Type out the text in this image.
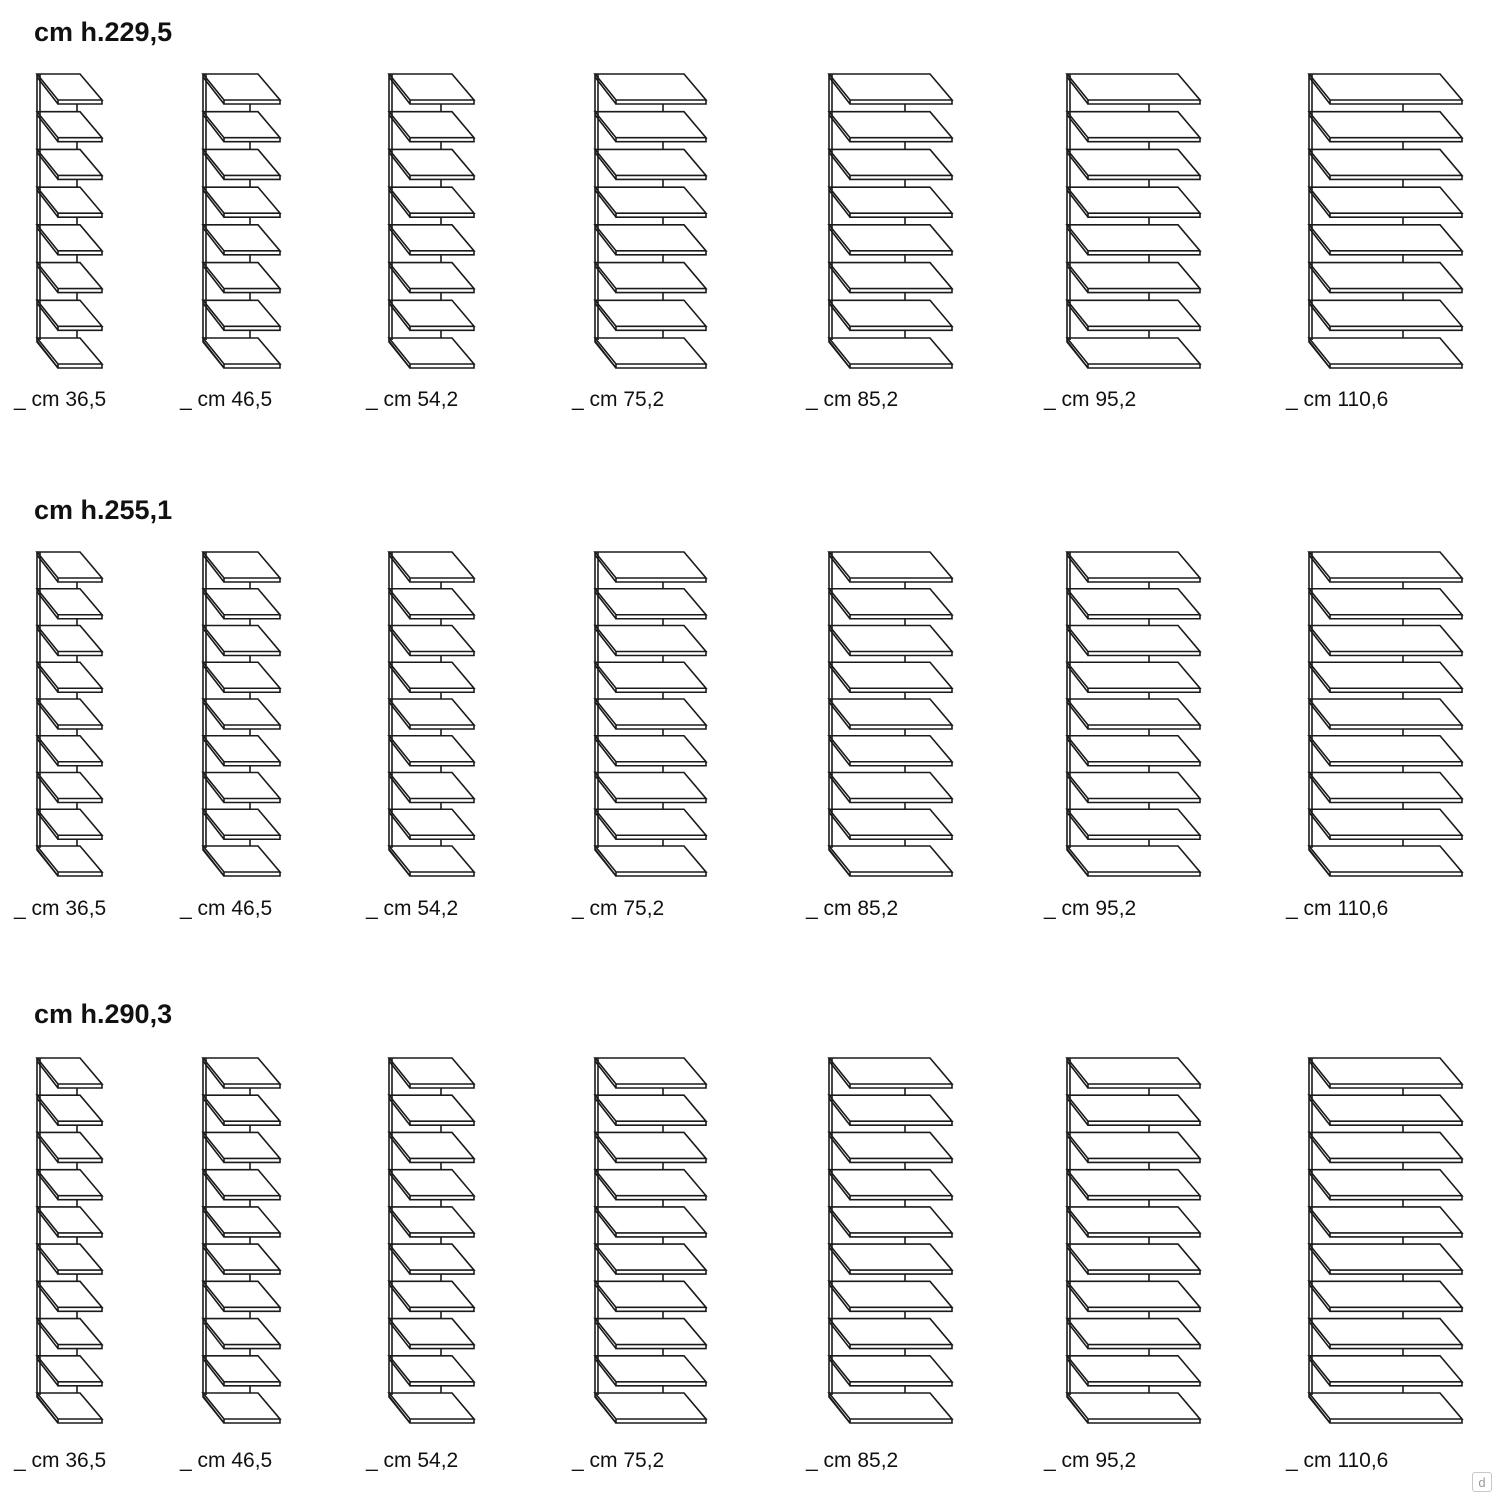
cm h.229,5
_ cm 36,5	_ cm 46,5	_ cm 54,2	_ cm 75,2	_ cm 85,2	_ cm 95,2	_ cm 110,6
cm h.255,1
_ cm 36,5	_ cm 46,5	_ cm 54,2	_ cm 75,2	_ cm 85,2	_ cm 95,2	_ cm 110,6
cm h.290,3
_ cm 36,5	_ cm 46,5	_ cm 54,2	_ cm 75,2	_ cm 85,2	_ cm 95,2	_ cm 110,6
d
